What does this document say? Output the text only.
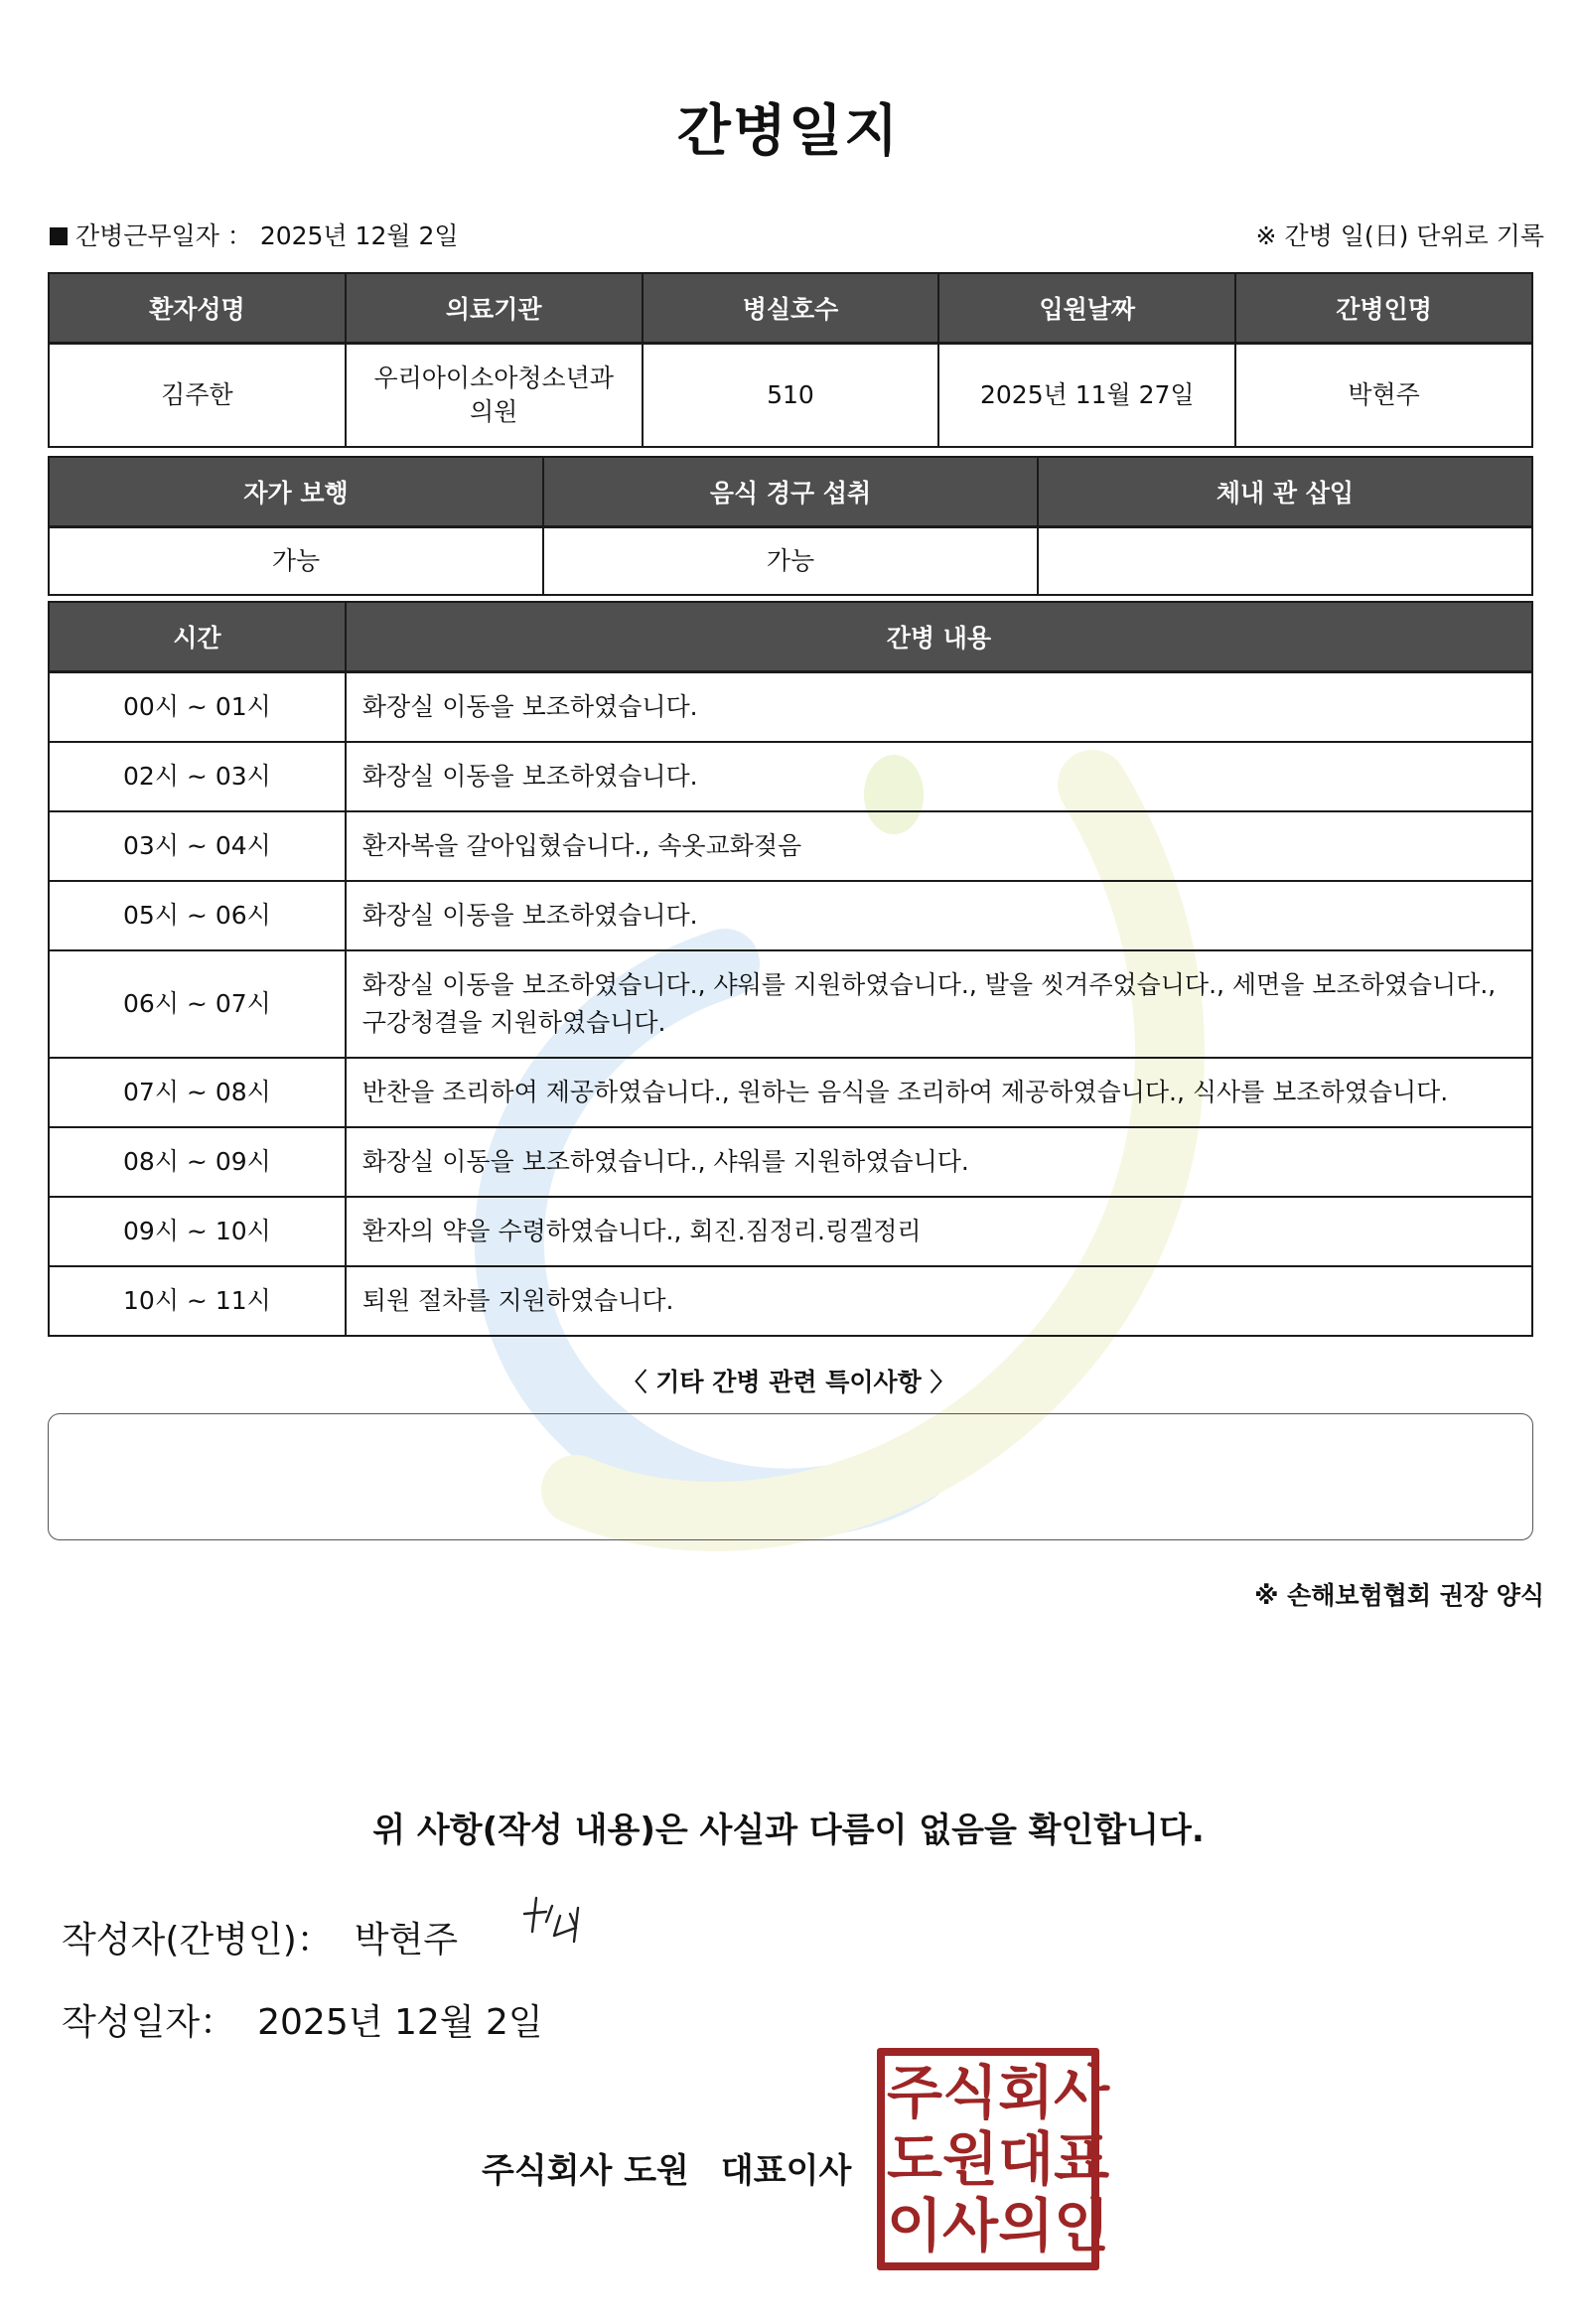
간병일지
간병근무일자 ： 2025년 12월 2일	※ 간병 일(日) 단위로 기록
환자성명	의료기관	병실호수	입원날짜	간병인명
김주한	우리아이소아청소년과의원	510	2025년 11월 27일	박현주
자가 보행	음식 경구 섭취	체내 관 삽입
가능	가능	
시간	간병 내용
00시 ~ 01시	화장실 이동을 보조하였습니다.
02시 ~ 03시	화장실 이동을 보조하였습니다.
03시 ~ 04시	환자복을 갈아입혔습니다., 속옷교화젖음
05시 ~ 06시	화장실 이동을 보조하였습니다.
06시 ~ 07시	화장실 이동을 보조하였습니다., 샤워를 지원하였습니다., 발을 씻겨주었습니다., 세면을 보조하였습니다., 구강청결을 지원하였습니다.
07시 ~ 08시	반찬을 조리하여 제공하였습니다., 원하는 음식을 조리하여 제공하였습니다., 식사를 보조하였습니다.
08시 ~ 09시	화장실 이동을 보조하였습니다., 샤워를 지원하였습니다.
09시 ~ 10시	환자의 약을 수령하였습니다., 회진.짐정리.링겔정리
10시 ~ 11시	퇴원 절차를 지원하였습니다.
〈 기타 간병 관련 특이사항 〉
※ 손해보험협회 권장 양식
위 사항(작성 내용)은 사실과 다름이 없음을 확인합니다.
작성자(간병인)： 박현주
작성일자： 2025년 12월 2일
주식회사 도원 대표이사
주 식 회 사
도 원 대 표
이 사 의 인
